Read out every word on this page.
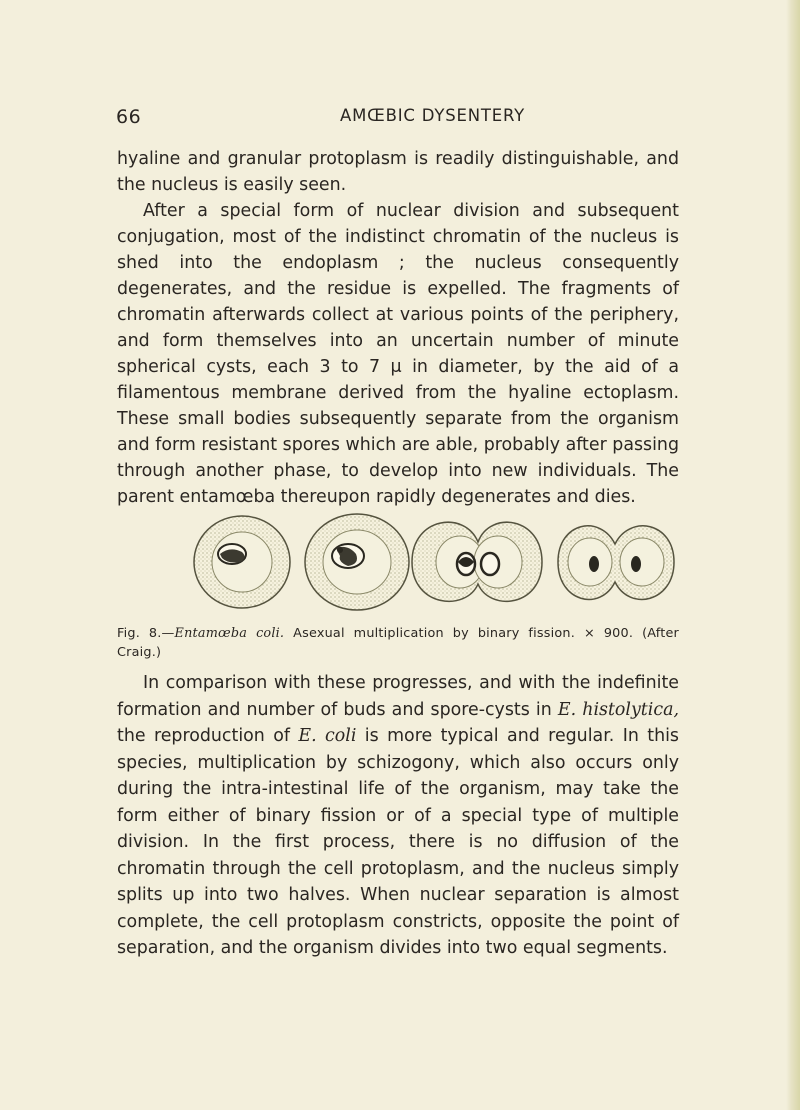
66	AMŒBIC DYSENTERY

hyaline and granular protoplasm is readily distinguishable, and the nucleus is easily seen.

After a special form of nuclear division and subsequent conjugation, most of the indistinct chromatin of the nucleus is shed into the endoplasm ; the nucleus consequently degenerates, and the residue is expelled. The fragments of chromatin afterwards collect at various points of the periphery, and form themselves into an uncertain number of minute spherical cysts, each 3 to 7 μ in diameter, by the aid of a filamentous membrane derived from the hyaline ectoplasm. These small bodies subsequently separate from the organism and form resistant spores which are able, probably after passing through another phase, to develop into new individuals. The parent entamœba thereupon rapidly degenerates and dies.

Fig. 8.—Entamœba coli. Asexual multiplication by binary fission. × 900. (After Craig.)

In comparison with these progresses, and with the indefinite formation and number of buds and spore-cysts in E. histolytica, the reproduction of E. coli is more typical and regular. In this species, multiplication by schizogony, which also occurs only during the intra-intestinal life of the organism, may take the form either of binary fission or of a special type of multiple division. In the first process, there is no diffusion of the chromatin through the cell protoplasm, and the nucleus simply splits up into two halves. When nuclear separation is almost complete, the cell protoplasm constricts, opposite the point of separation, and the organism divides into two equal segments.
